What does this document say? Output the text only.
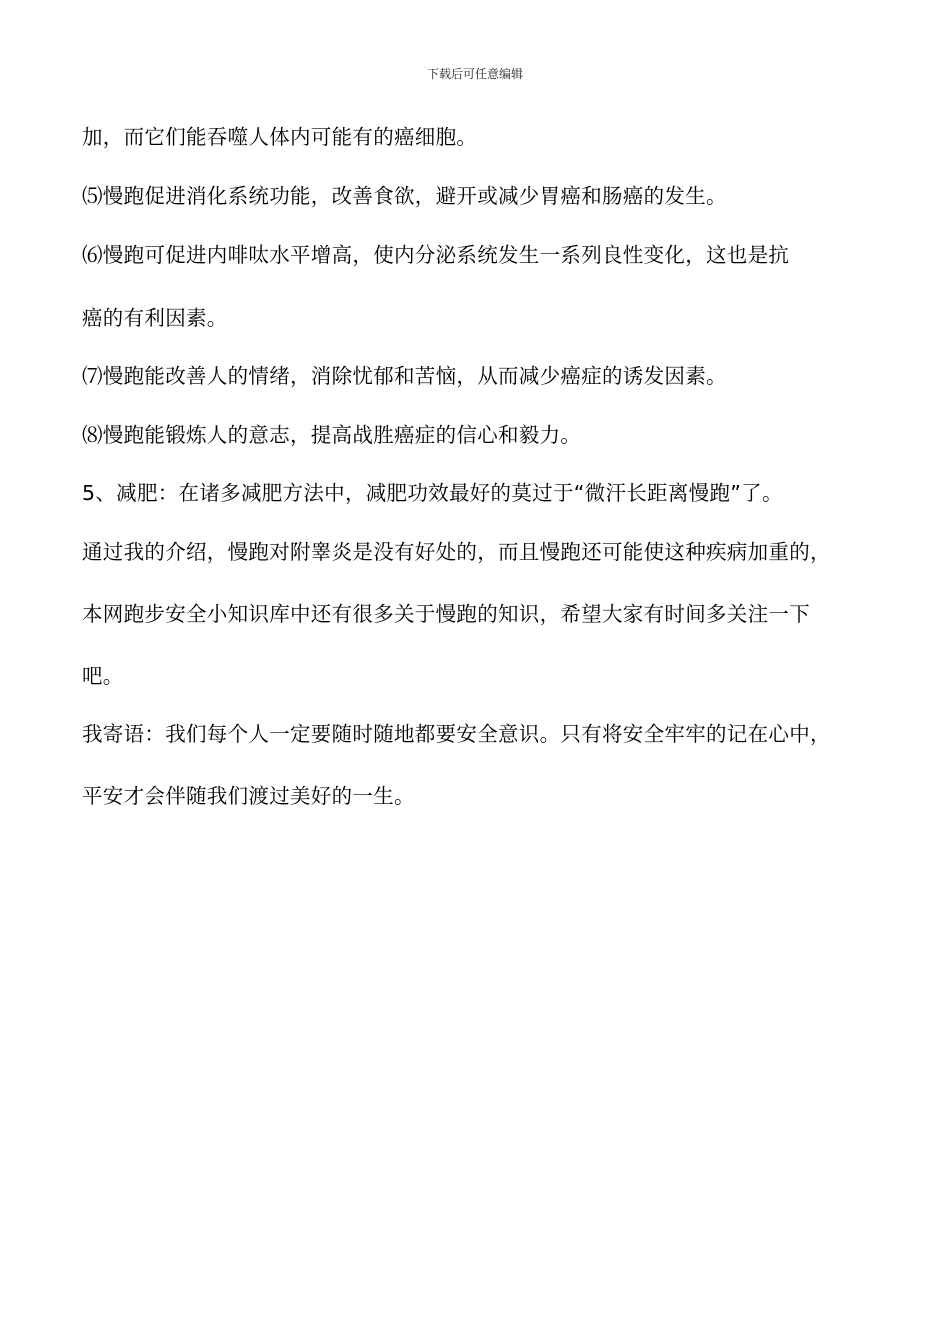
下载后可任意编辑
加，而它们能吞噬人体内可能有的癌细胞。
⑸慢跑促进消化系统功能，改善食欲，避开或减少胃癌和肠癌的发生。
⑹慢跑可促进内啡呔水平增高，使内分泌系统发生一系列良性变化，这也是抗
癌的有利因素。
⑺慢跑能改善人的情绪，消除忧郁和苦恼，从而减少癌症的诱发因素。
⑻慢跑能锻炼人的意志，提高战胜癌症的信心和毅力。
5、减肥：在诸多减肥方法中，减肥功效最好的莫过于“微汗长距离慢跑”了。
通过我的介绍，慢跑对附睾炎是没有好处的，而且慢跑还可能使这种疾病加重的，
本网跑步安全小知识库中还有很多关于慢跑的知识，希望大家有时间多关注一下
吧。
我寄语：我们每个人一定要随时随地都要安全意识。只有将安全牢牢的记在心中，
平安才会伴随我们渡过美好的一生。
